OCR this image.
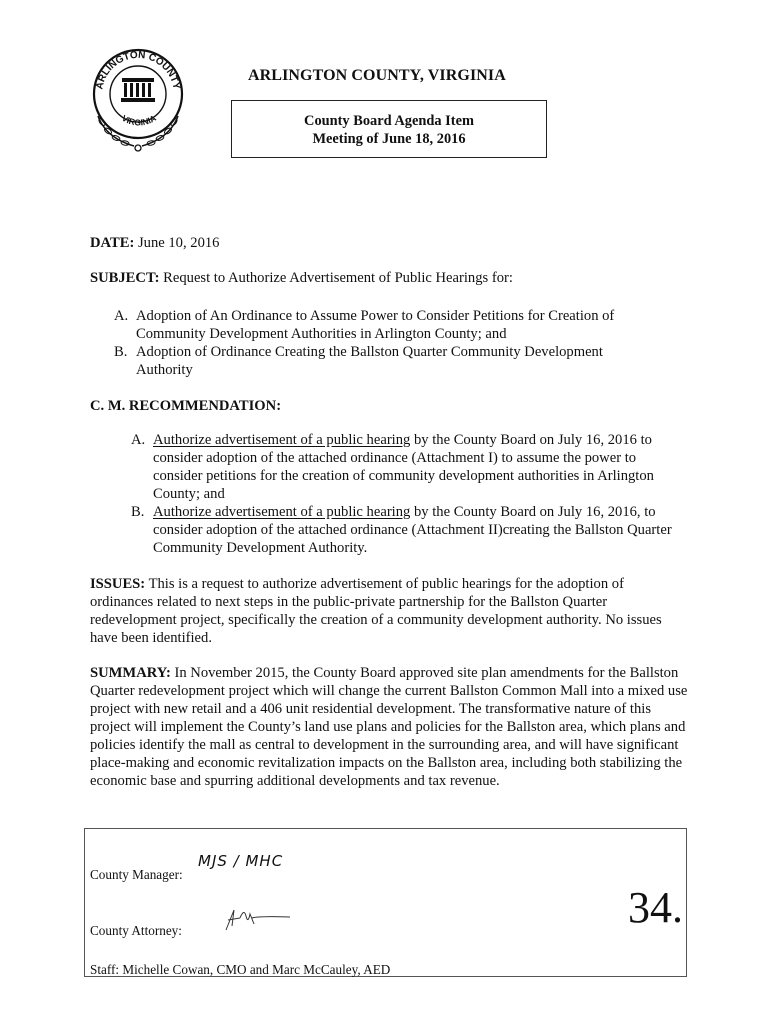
ARLINGTON COUNTY
VIRGINIA
ARLINGTON COUNTY, VIRGINIA
County Board Agenda Item
Meeting of June 18, 2016
DATE: June 10, 2016
SUBJECT: Request to Authorize Advertisement of Public Hearings for:
A. Adoption of An Ordinance to Assume Power to Consider Petitions for Creation of Community Development Authorities in Arlington County; and
B. Adoption of Ordinance Creating the Ballston Quarter Community Development Authority
C. M. RECOMMENDATION:
A. Authorize advertisement of a public hearing by the County Board on July 16, 2016 to consider adoption of the attached ordinance (Attachment I) to assume the power to consider petitions for the creation of community development authorities in Arlington County; and
B. Authorize advertisement of a public hearing by the County Board on July 16, 2016, to consider adoption of the attached ordinance (Attachment II)creating the Ballston Quarter Community Development Authority.
ISSUES: This is a request to authorize advertisement of public hearings for the adoption of ordinances related to next steps in the public-private partnership for the Ballston Quarter redevelopment project, specifically the creation of a community development authority. No issues have been identified.
SUMMARY: In November 2015, the County Board approved site plan amendments for the Ballston Quarter redevelopment project which will change the current Ballston Common Mall into a mixed use project with new retail and a 406 unit residential development. The transformative nature of this project will implement the County’s land use plans and policies for the Ballston area, which plans and policies identify the mall as central to development in the surrounding area, and will have significant place-making and economic revitalization impacts on the Ballston area, including both stabilizing the economic base and spurring additional developments and tax revenue.
County Manager:
MJS / MHC
County Attorney:
Staff: Michelle Cowan, CMO and Marc McCauley, AED
34.
